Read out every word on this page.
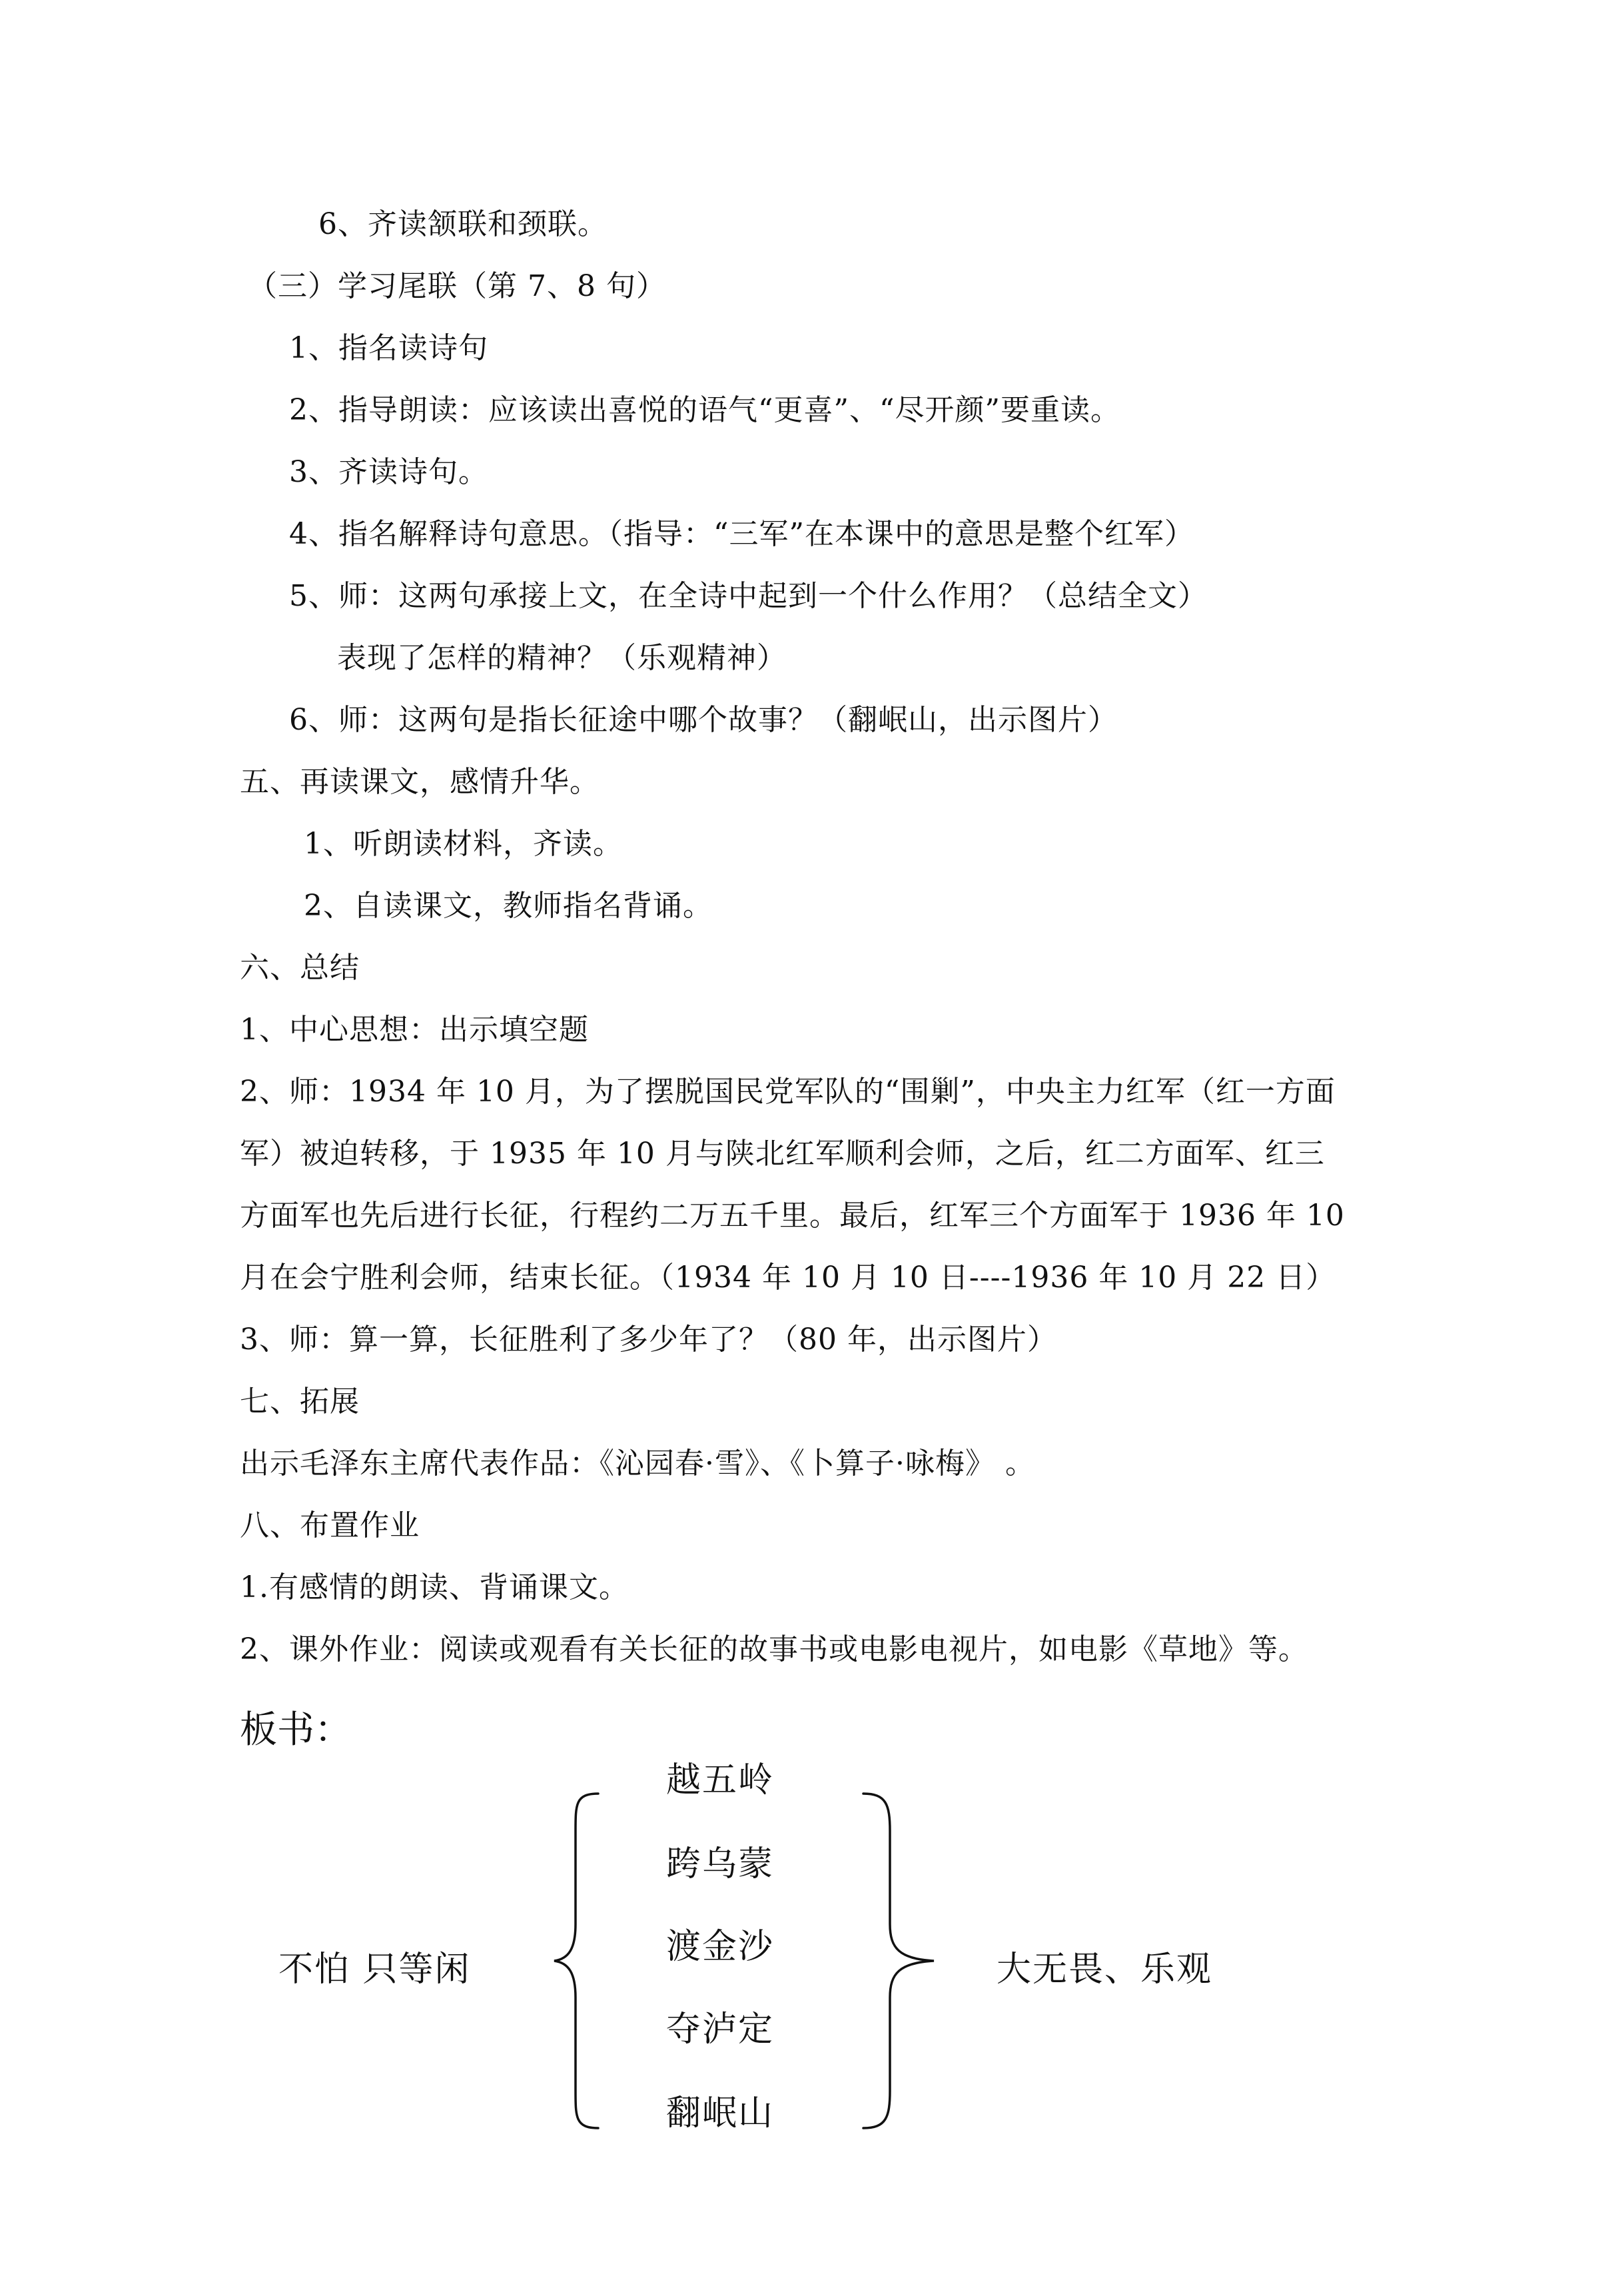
6、齐读颔联和颈联。
（三）学习尾联（第 7、8 句）
1、指名读诗句
2、指导朗读：应该读出喜悦的语气“更喜”、“尽开颜”要重读。
3、齐读诗句。
4、指名解释诗句意思。（指导：“三军”在本课中的意思是整个红军）
5、师：这两句承接上文，在全诗中起到一个什么作用？（总结全文）
表现了怎样的精神？（乐观精神）
6、师：这两句是指长征途中哪个故事？（翻岷山，出示图片）
五、再读课文，感情升华。
1、听朗读材料，齐读。
2、自读课文，教师指名背诵。
六、总结
1、中心思想：出示填空题
2、师：1934 年 10 月，为了摆脱国民党军队的“围剿”，中央主力红军（红一方面
军）被迫转移，于 1935 年 10 月与陕北红军顺利会师，之后，红二方面军、红三
方面军也先后进行长征，行程约二万五千里。最后，红军三个方面军于 1936 年 10
月在会宁胜利会师，结束长征。（1934 年 10 月 10 日----1936 年 10 月 22 日）
3、师：算一算，长征胜利了多少年了？（80 年，出示图片）
七、拓展
出示毛泽东主席代表作品：《沁园春·雪》、《卜算子·咏梅》 。
八、布置作业
1.有感情的朗读、背诵课文。
2、课外作业：阅读或观看有关长征的故事书或电影电视片，如电影《草地》等。
板书：
不怕 只等闲
越五岭
跨乌蒙
渡金沙
夺泸定
翻岷山
大无畏、乐观
